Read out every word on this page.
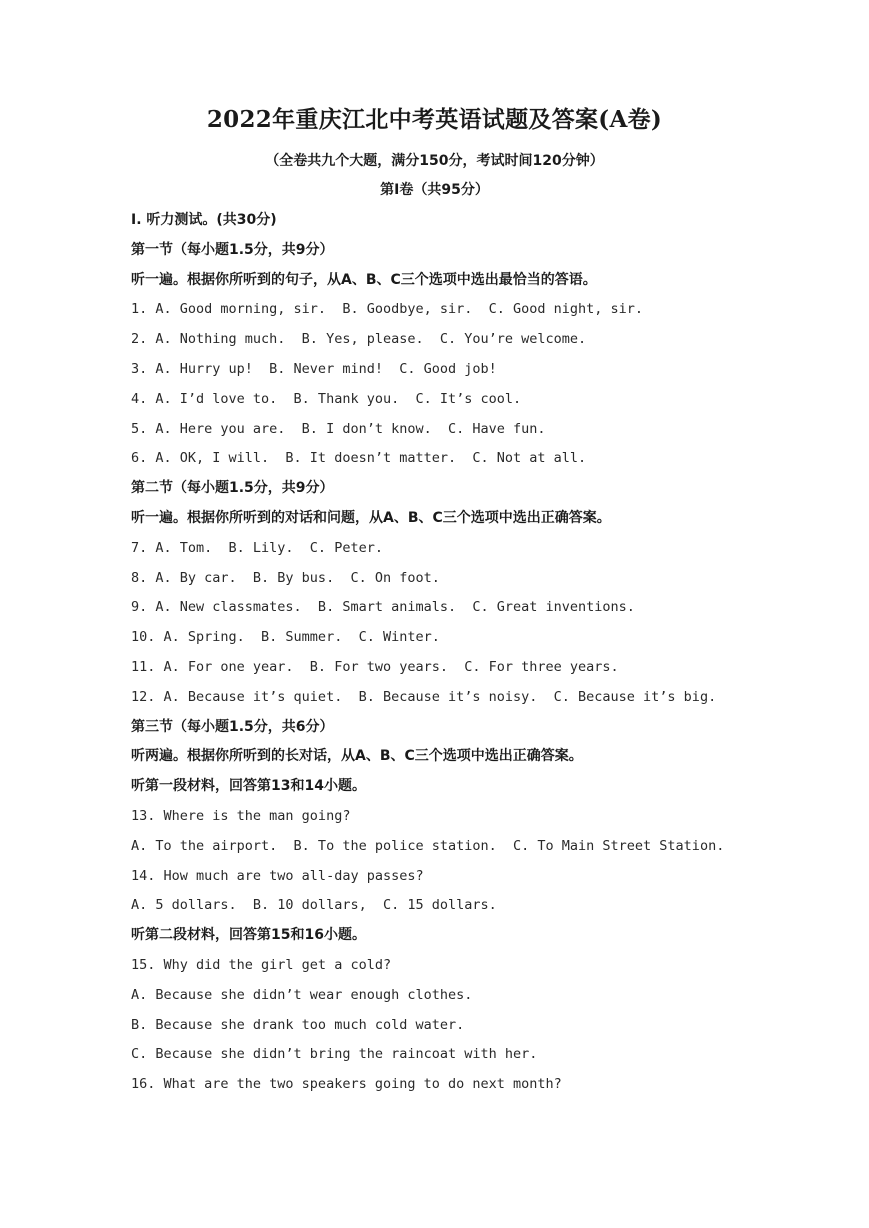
2022年重庆江北中考英语试题及答案(A卷)
（全卷共九个大题，满分150分，考试时间120分钟）
第Ⅰ卷（共95分）
Ⅰ. 听力测试。(共30分)
第一节（每小题1.5分，共9分）
听一遍。根据你所听到的句子，从A、B、C三个选项中选出最恰当的答语。
1. A. Good morning, sir.  B. Goodbye, sir.  C. Good night, sir.
2. A. Nothing much.  B. Yes, please.  C. You’re welcome.
3. A. Hurry up!  B. Never mind!  C. Good job!
4. A. I’d love to.  B. Thank you.  C. It’s cool.
5. A. Here you are.  B. I don’t know.  C. Have fun.
6. A. OK, I will.  B. It doesn’t matter.  C. Not at all.
第二节（每小题1.5分，共9分）
听一遍。根据你所听到的对话和问题，从A、B、C三个选项中选出正确答案。
7. A. Tom.  B. Lily.  C. Peter.
8. A. By car.  B. By bus.  C. On foot.
9. A. New classmates.  B. Smart animals.  C. Great inventions.
10. A. Spring.  B. Summer.  C. Winter.
11. A. For one year.  B. For two years.  C. For three years.
12. A. Because it’s quiet.  B. Because it’s noisy.  C. Because it’s big.
第三节（每小题1.5分，共6分）
听两遍。根据你所听到的长对话，从A、B、C三个选项中选出正确答案。
听第一段材料，回答第13和14小题。
13. Where is the man going?
A. To the airport.  B. To the police station.  C. To Main Street Station.
14. How much are two all-day passes?
A. 5 dollars.  B. 10 dollars,  C. 15 dollars.
听第二段材料，回答第15和16小题。
15. Why did the girl get a cold?
A. Because she didn’t wear enough clothes.
B. Because she drank too much cold water.
C. Because she didn’t bring the raincoat with her.
16. What are the two speakers going to do next month?
